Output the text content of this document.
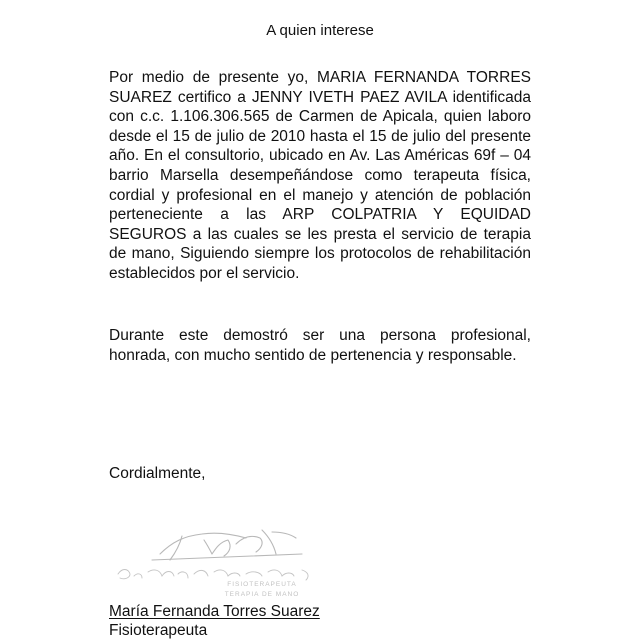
A quien interese

Por medio de presente yo, MARIA FERNANDA TORRES SUAREZ certifico a JENNY IVETH PAEZ AVILA identificada con c.c. 1.106.306.565 de Carmen de Apicala, quien laboro desde el 15 de julio de 2010 hasta el 15 de julio del presente año. En el consultorio, ubicado en Av. Las Américas 69f – 04 barrio Marsella desempeñándose como terapeuta física, cordial y profesional en el manejo y atención de población perteneciente a las ARP COLPATRIA Y EQUIDAD SEGUROS a las cuales se les presta el servicio de terapia de mano, Siguiendo siempre los protocolos de rehabilitación establecidos por el servicio.

Durante este demostró ser una persona profesional, honrada, con mucho sentido de pertenencia y responsable.

Cordialmente,
FISIOTERAPEUTA
TERAPIA DE MANO
María Fernanda Torres Suarez
Fisioterapeuta
